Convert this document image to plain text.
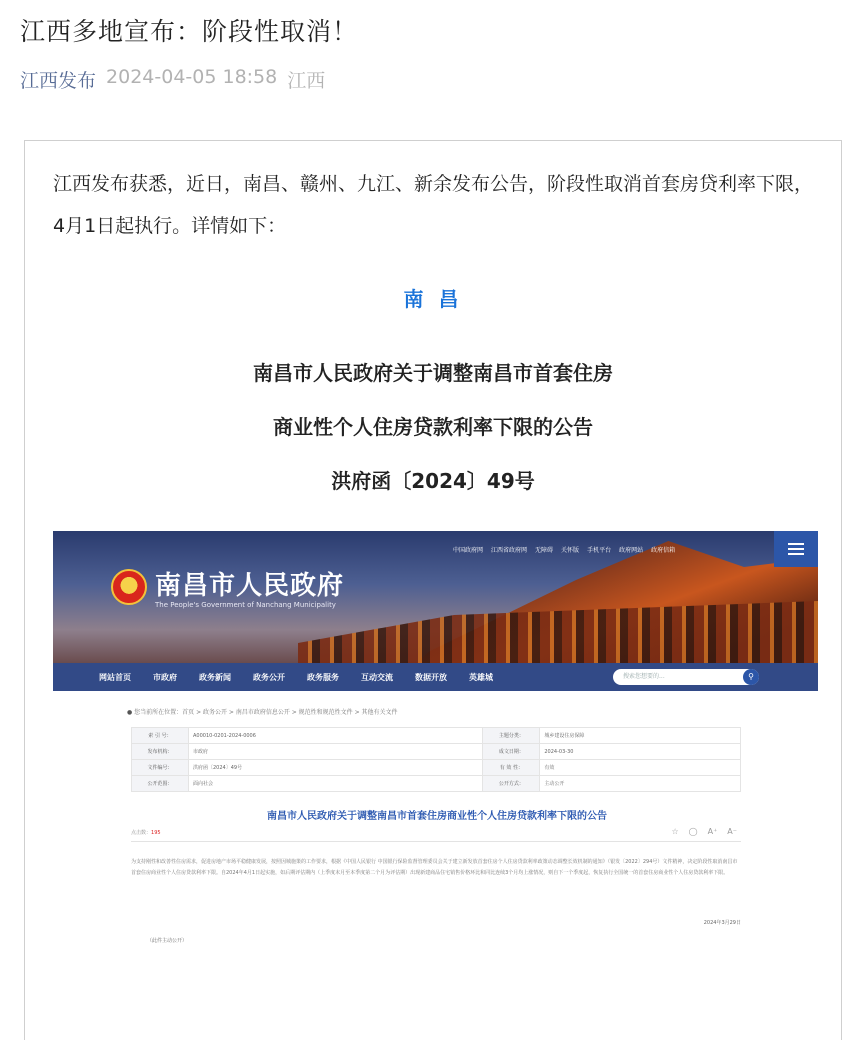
江西多地宣布：阶段性取消！
江西发布 2024-04-05 18:58 江西

江西发布获悉，近日，南昌、赣州、九江、新余发布公告，阶段性取消首套房贷利率下限，4月1日起执行。详情如下：

南 昌
南昌市人民政府关于调整南昌市首套住房
商业性个人住房贷款利率下限的公告
洪府函〔2024〕49号
南昌市人民政府
The People's Government of Nanchang Municipality
中国政府网 江西省政府网 无障碍 关怀版 手机平台 政府网站 政府信箱
网站首页	市政府	政务新闻	政务公开	政务服务	互动交流	数据开放	英雄城	搜索您想要的...	⚲
● 您当前所在位置：首页 > 政务公开 > 南昌市政府信息公开 > 规范性和规范性文件 > 其他有关文件
索 引 号：	A00010-0201-2024-0006	主题分类：	城乡建设住房保障
发布机构：	市政府	成文日期：	2024-03-30
文件编号：	洪府函〔2024〕49号	有 效 性：	有效
公开范围：	面向社会	公开方式：	主动公开
南昌市人民政府关于调整南昌市首套住房商业性个人住房贷款利率下限的公告
点击数：195	☆ ◯ A⁺ A⁻

为支持刚性和改善性住房需求，促进房地产市场平稳健康发展，按照因城施策的工作要求，根据《中国人民银行 中国银行保险监督管理委员会关于建立新发放首套住房个人住房贷款利率政策动态调整长效机制的通知》（银发〔2022〕294号）文件精神，决定阶段性取消南昌市首套住房商业性个人住房贷款利率下限。自2024年4月1日起实施，如后期评估期内（上季度末月至本季度第二个月为评估期）出现新建商品住宅销售价格环比和同比连续3个月均上涨情况，则自下一个季度起，恢复执行全国统一的首套住房商业性个人住房贷款利率下限。

2024年3月29日
（此件主动公开）
